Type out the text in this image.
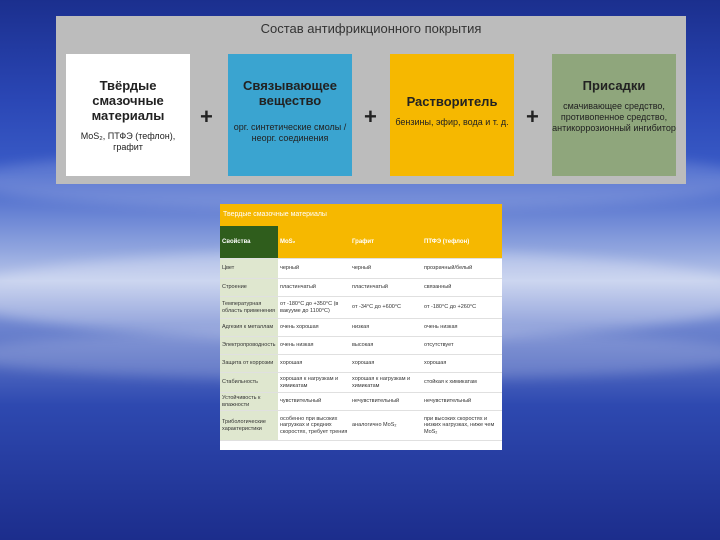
Состав антифрикционного покрытия
Твёрдые смазочные материалы
MoS₂, ПТФЭ (тефлон), графит
+
Связывающее вещество
орг. синтетические смолы / неорг. соединения
+
Растворитель
бензины, эфир, вода и т. д. +
Присадки
смачивающее средство, противопенное средство, антикоррозионный ингибитор
Твердые смазочные материалы
Свойства	MoS₂	Графит	ПТФЭ (тефлон)
Цвет	черный	черный	прозрачный/белый
Строение	пластинчатый	пластинчатый	связанный
Температурная область применения	от -180°С до +350°С (в вакууме до 1100°С)	от -34°С до +600°С	от -180°С до +260°С
Адгезия к металлам	очень хорошая	низкая	очень низкая
Электропроводность	очень низкая	высокая	отсутствует
Защита от коррозии	хорошая	хорошая	хорошая
Стабильность	хорошая к нагрузкам и химикатам	хорошая к нагрузкам и химикатам	стойкая к химикатам
Устойчивость к влажности	чувствительный	нечувствительный	нечувствительный
Трибологические характеристики	особенно при высоких нагрузках и средних скоростях, требует трения	аналогично MoS₂	при высоких скоростях и низких нагрузках, ниже чем MoS₂
